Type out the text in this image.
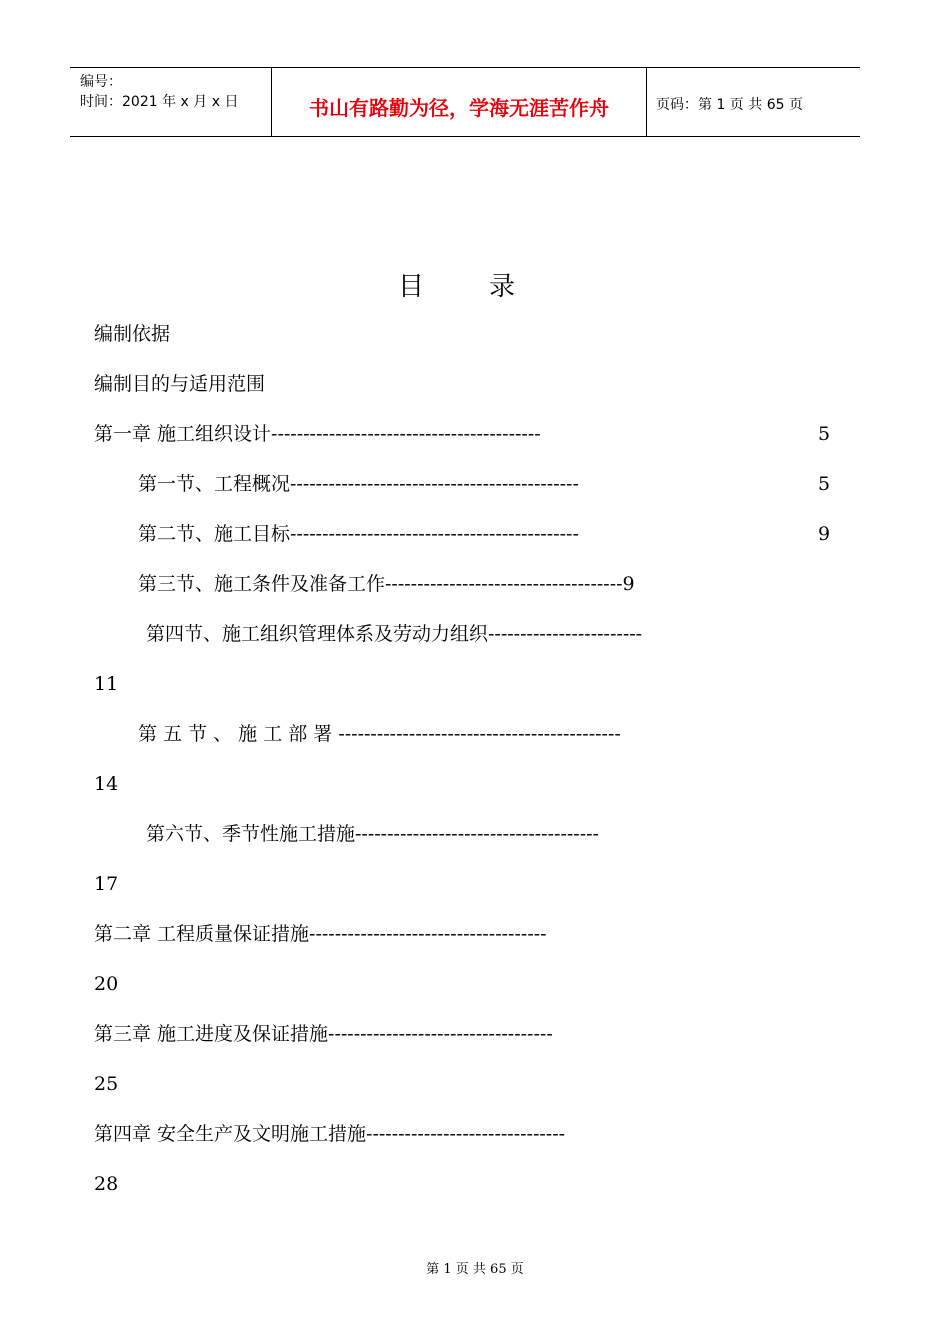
编号：
时间：2021 年 x 月 x 日	书山有路勤为径，学海无涯苦作舟	页码：第 1 页 共 65 页
目录
编制依据
编制目的与适用范围
第一章 施工组织设计------------------------------------------	5
第一节、工程概况---------------------------------------------	5
第二节、施工目标---------------------------------------------	9
第三节、施工条件及准备工作-------------------------------------9
第四节、施工组织管理体系及劳动力组织------------------------
11
第 五 节 、 施 工 部 署 --------------------------------------------
14
第六节、季节性施工措施--------------------------------------
17
第二章 工程质量保证措施-------------------------------------
20
第三章 施工进度及保证措施-----------------------------------
25
第四章 安全生产及文明施工措施-------------------------------
28
第 1 页 共 65 页
